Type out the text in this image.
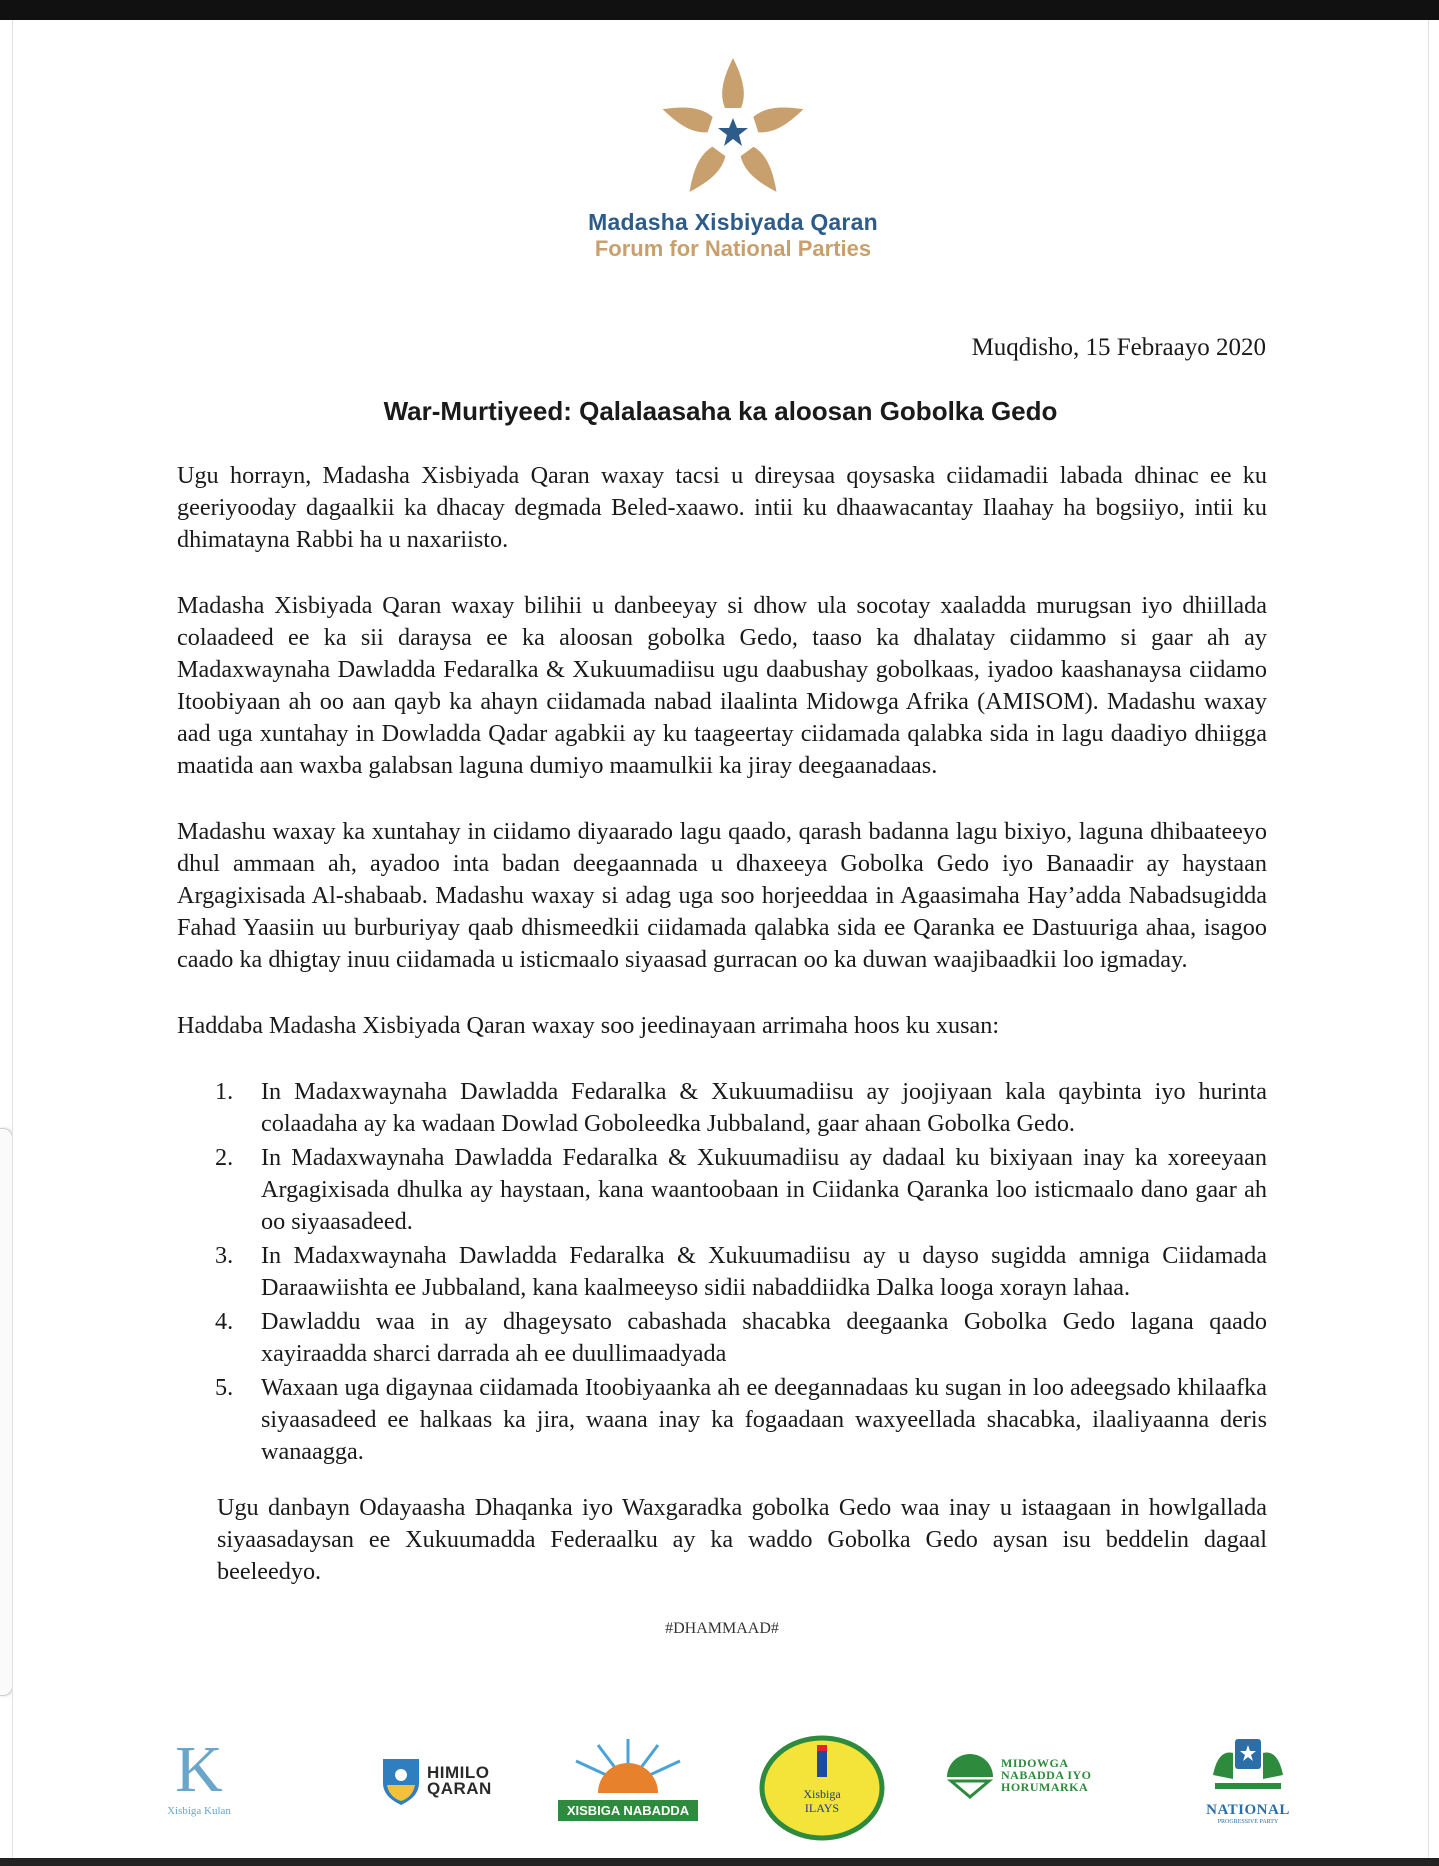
Madasha Xisbiyada Qaran
Forum for National Parties
Muqdisho, 15 Febraayo 2020
War-Murtiyeed: Qalalaasaha ka aloosan Gobolka Gedo

Ugu horrayn, Madasha Xisbiyada Qaran waxay tacsi u direysaa qoysaska ciidamadii labada dhinac ee ku geeriyooday dagaalkii ka dhacay degmada Beled-xaawo. intii ku dhaawacantay Ilaahay ha bogsiiyo, intii ku dhimatayna Rabbi ha u naxariisto.

Madasha Xisbiyada Qaran waxay bilihii u danbeeyay si dhow ula socotay xaaladda murugsan iyo dhiillada colaadeed ee ka sii daraysa ee ka aloosan gobolka Gedo, taaso ka dhalatay ciidammo si gaar ah ay Madaxwaynaha Dawladda Fedaralka & Xukuumadiisu ugu daabushay gobolkaas, iyadoo kaashanaysa ciidamo Itoobiyaan ah oo aan qayb ka ahayn ciidamada nabad ilaalinta Midowga Afrika (AMISOM). Madashu waxay aad uga xuntahay in Dowladda Qadar agabkii ay ku taageertay ciidamada qalabka sida in lagu daadiyo dhiigga maatida aan waxba galabsan laguna dumiyo maamulkii ka jiray deegaanadaas.

Madashu waxay ka xuntahay in ciidamo diyaarado lagu qaado, qarash badanna lagu bixiyo, laguna dhibaateeyo dhul ammaan ah, ayadoo inta badan deegaannada u dhaxeeya Gobolka Gedo iyo Banaadir ay haystaan Argagixisada Al-shabaab. Madashu waxay si adag uga soo horjeeddaa in Agaasimaha Hay’adda Nabadsugidda Fahad Yaasiin uu burburiyay qaab dhismeedkii ciidamada qalabka sida ee Qaranka ee Dastuuriga ahaa, isagoo caado ka dhigtay inuu ciidamada u isticmaalo siyaasad gurracan oo ka duwan waajibaadkii loo igmaday.

Haddaba Madasha Xisbiyada Qaran waxay soo jeedinayaan arrimaha hoos ku xusan:

1. In Madaxwaynaha Dawladda Fedaralka & Xukuumadiisu ay joojiyaan kala qaybinta iyo hurinta colaadaha ay ka wadaan Dowlad Goboleedka Jubbaland, gaar ahaan Gobolka Gedo.
2. In Madaxwaynaha Dawladda Fedaralka & Xukuumadiisu ay dadaal ku bixiyaan inay ka xoreeyaan Argagixisada dhulka ay haystaan, kana waantoobaan in Ciidanka Qaranka loo isticmaalo dano gaar ah oo siyaasadeed.
3. In Madaxwaynaha Dawladda Fedaralka & Xukuumadiisu ay u dayso sugidda amniga Ciidamada Daraawiishta ee Jubbaland, kana kaalmeeyso sidii nabaddiidka Dalka looga xorayn lahaa.
4. Dawladdu waa in ay dhageysato cabashada shacabka deegaanka Gobolka Gedo lagana qaado xayiraadda sharci darrada ah ee duullimaadyada
5. Waxaan uga digaynaa ciidamada Itoobiyaanka ah ee deegannadaas ku sugan in loo adeegsado khilaafka siyaasadeed ee halkaas ka jira, waana inay ka fogaadaan waxyeellada shacabka, ilaaliyaanna deris wanaagga.

Ugu danbayn Odayaasha Dhaqanka iyo Waxgaradka gobolka Gedo waa inay u istaagaan in howlgallada siyaasadaysan ee Xukuumadda Federaalku ay ka waddo Gobolka Gedo aysan isu beddelin dagaal beeleedyo.

#DHAMMAAD#
K
Xisbiga Kulan
HIMILO
QARAN
XISBIGA NABADDA
Xisbiga
ILAYS
MIDOWGA
NABADDA IYO
HORUMARKA
NATIONAL
PROGRESSIVE PARTY
